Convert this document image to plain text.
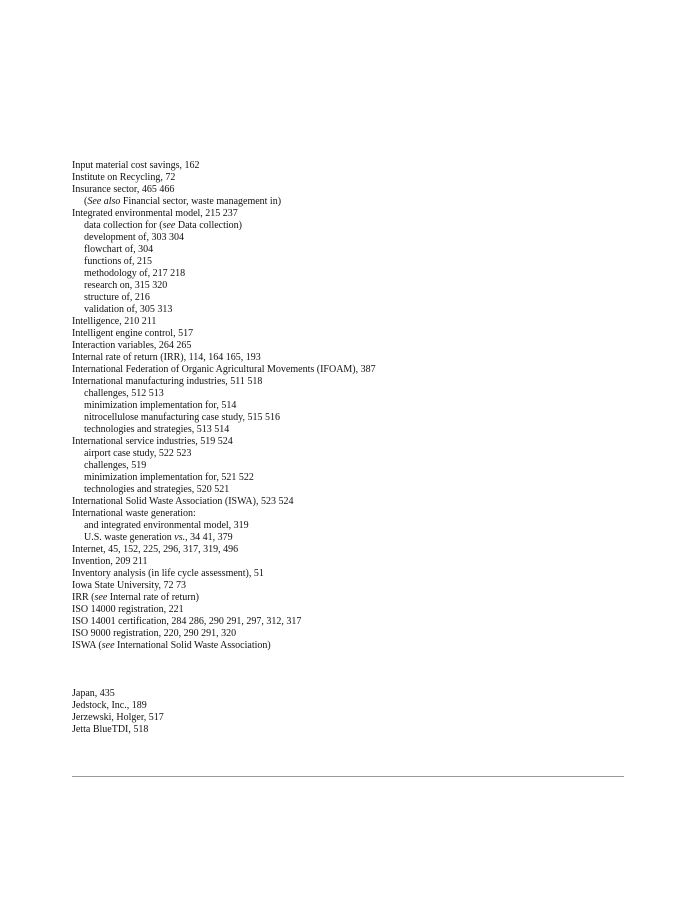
Input material cost savings, 162
Institute on Recycling, 72
Insurance sector, 465 466
(See also Financial sector, waste management in)
Integrated environmental model, 215 237
data collection for (see Data collection)
development of, 303 304
flowchart of, 304
functions of, 215
methodology of, 217 218
research on, 315 320
structure of, 216
validation of, 305 313
Intelligence, 210 211
Intelligent engine control, 517
Interaction variables, 264 265
Internal rate of return (IRR), 114, 164 165, 193
International Federation of Organic Agricultural Movements (IFOAM), 387
International manufacturing industries, 511 518
challenges, 512 513
minimization implementation for, 514
nitrocellulose manufacturing case study, 515 516
technologies and strategies, 513 514
International service industries, 519 524
airport case study, 522 523
challenges, 519
minimization implementation for, 521 522
technologies and strategies, 520 521
International Solid Waste Association (ISWA), 523 524
International waste generation:
and integrated environmental model, 319
U.S. waste generation vs., 34 41, 379
Internet, 45, 152, 225, 296, 317, 319, 496
Invention, 209 211
Inventory analysis (in life cycle assessment), 51
Iowa State University, 72 73
IRR (see Internal rate of return)
ISO 14000 registration, 221
ISO 14001 certification, 284 286, 290 291, 297, 312, 317
ISO 9000 registration, 220, 290 291, 320
ISWA (see International Solid Waste Association)
Japan, 435
Jedstock, Inc., 189
Jerzewski, Holger, 517
Jetta BlueTDI, 518
